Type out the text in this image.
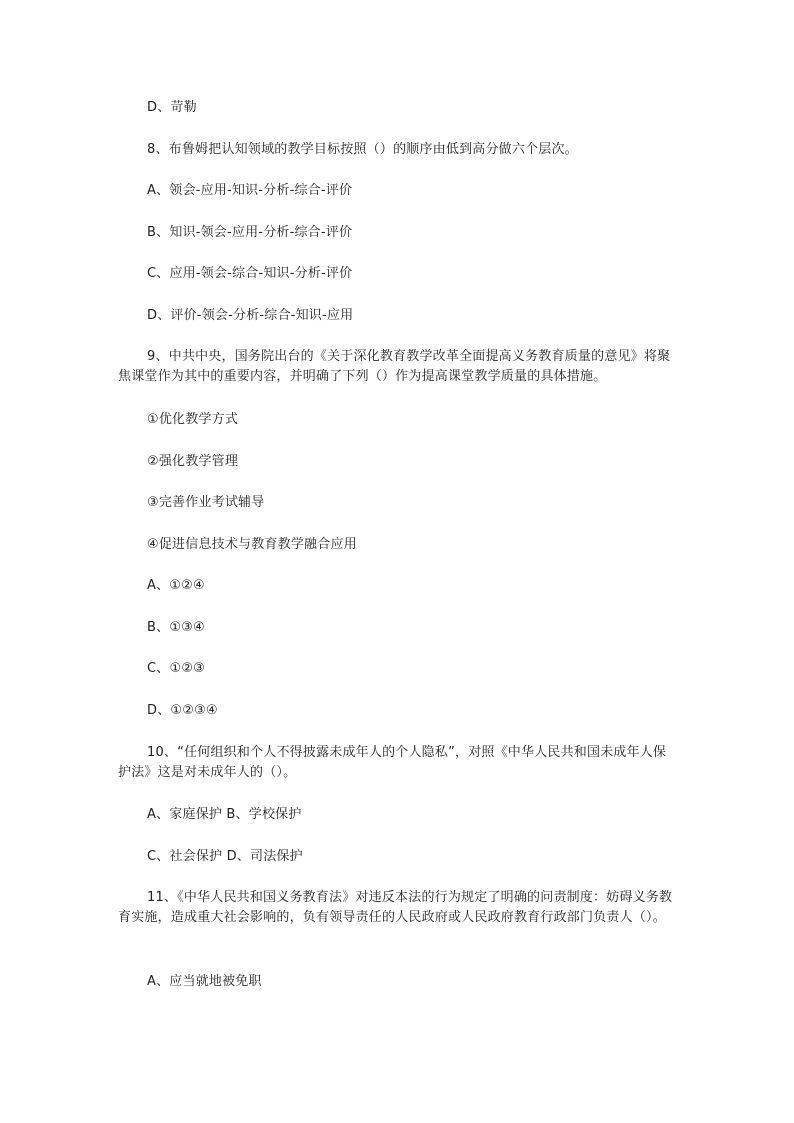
D、苛勒
8、布鲁姆把认知领域的教学目标按照（）的顺序由低到高分做六个层次。
A、领会-应用-知识-分析-综合-评价
B、知识-领会-应用-分析-综合-评价
C、应用-领会-综合-知识-分析-评价
D、评价-领会-分析-综合-知识-应用
9、中共中央，国务院出台的《关于深化教育教学改革全面提高义务教育质量的意见》将聚焦课堂作为其中的重要内容，并明确了下列（）作为提高课堂教学质量的具体措施。
①优化教学方式
②强化教学管理
③完善作业考试辅导
④促进信息技术与教育教学融合应用
A、①②④
B、①③④
C、①②③
D、①②③④
10、“任何组织和个人不得披露未成年人的个人隐私”，对照《中华人民共和国未成年人保护法》这是对未成年人的（）。
A、家庭保护 B、学校保护
C、社会保护 D、司法保护
11、《中华人民共和国义务教育法》对违反本法的行为规定了明确的问责制度：妨碍义务教育实施，造成重大社会影响的，负有领导责任的人民政府或人民政府教育行政部门负责人（）。
A、应当就地被免职
